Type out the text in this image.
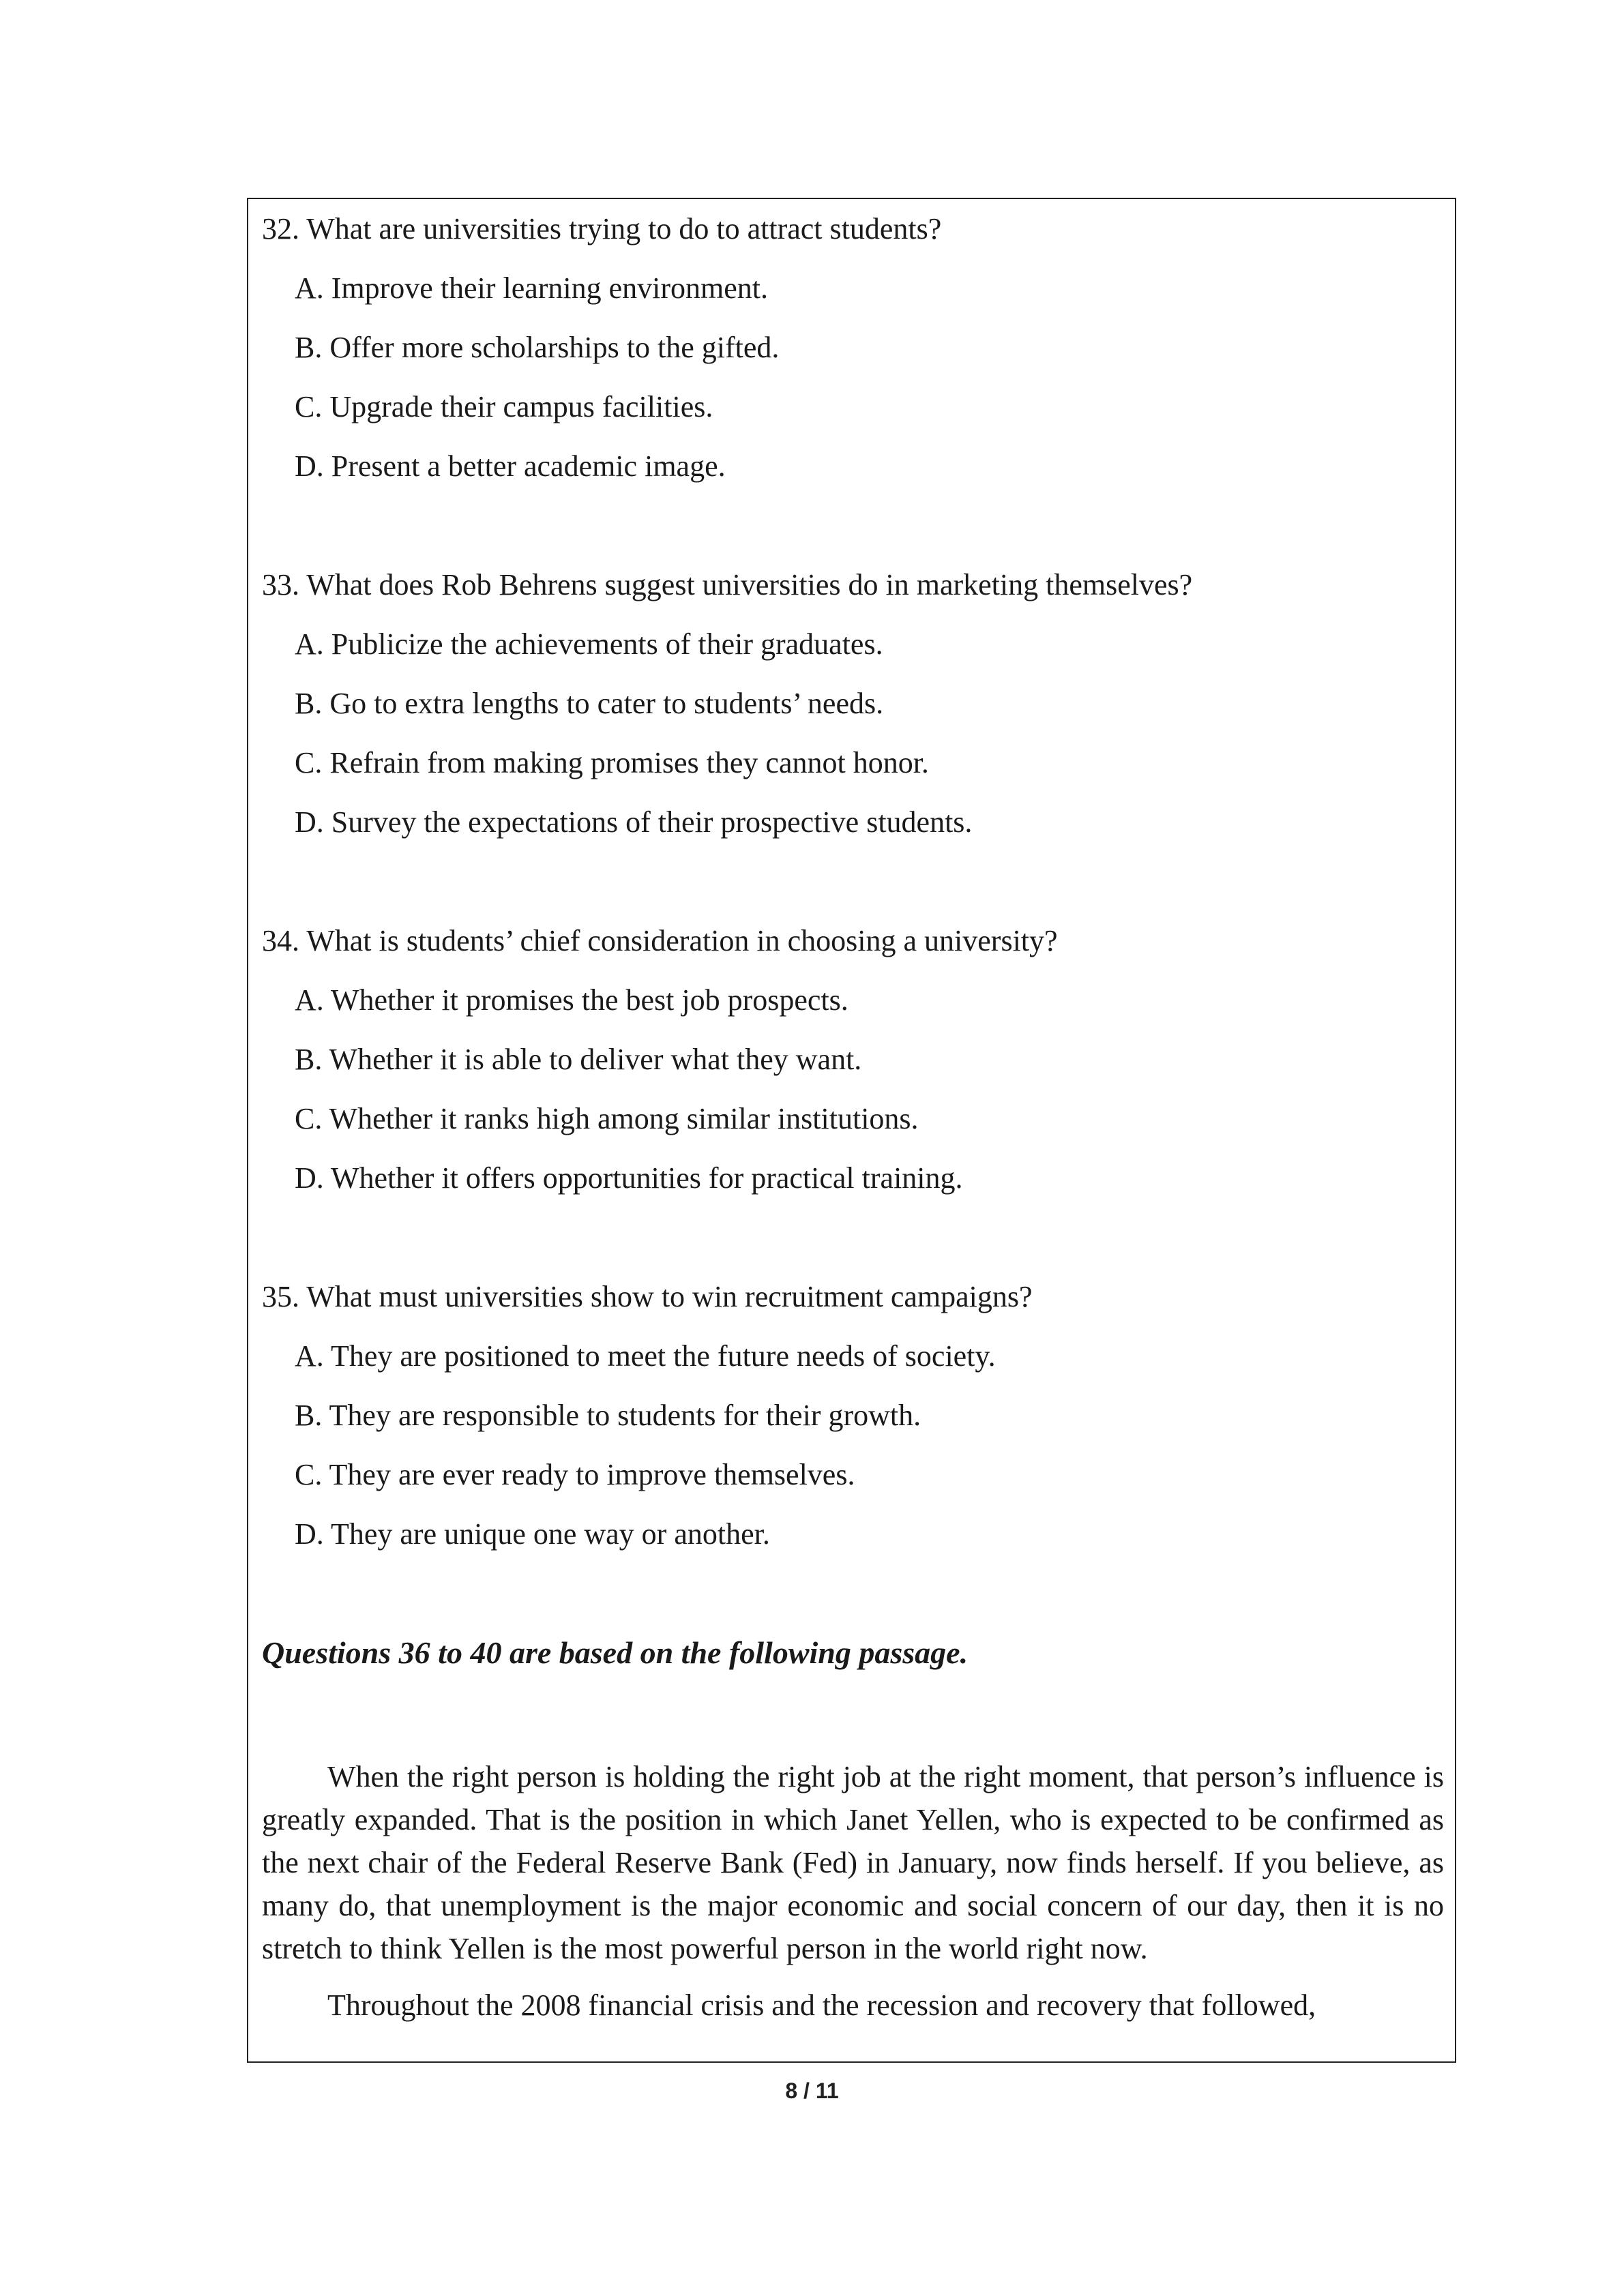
32. What are universities trying to do to attract students?
A. Improve their learning environment.
B. Offer more scholarships to the gifted.
C. Upgrade their campus facilities.
D. Present a better academic image.
33. What does Rob Behrens suggest universities do in marketing themselves?
A. Publicize the achievements of their graduates.
B. Go to extra lengths to cater to students’ needs.
C. Refrain from making promises they cannot honor.
D. Survey the expectations of their prospective students.
34. What is students’ chief consideration in choosing a university?
A. Whether it promises the best job prospects.
B. Whether it is able to deliver what they want.
C. Whether it ranks high among similar institutions.
D. Whether it offers opportunities for practical training.
35. What must universities show to win recruitment campaigns?
A. They are positioned to meet the future needs of society.
B. They are responsible to students for their growth.
C. They are ever ready to improve themselves.
D. They are unique one way or another.
Questions 36 to 40 are based on the following passage.

When the right person is holding the right job at the right moment, that person’s influence is greatly expanded. That is the position in which Janet Yellen, who is expected to be confirmed as the next chair of the Federal Reserve Bank (Fed) in January, now finds herself. If you believe, as many do, that unemployment is the major economic and social concern of our day, then it is no stretch to think Yellen is the most powerful person in the world right now.

Throughout the 2008 financial crisis and the recession and recovery that followed,

8 / 11
